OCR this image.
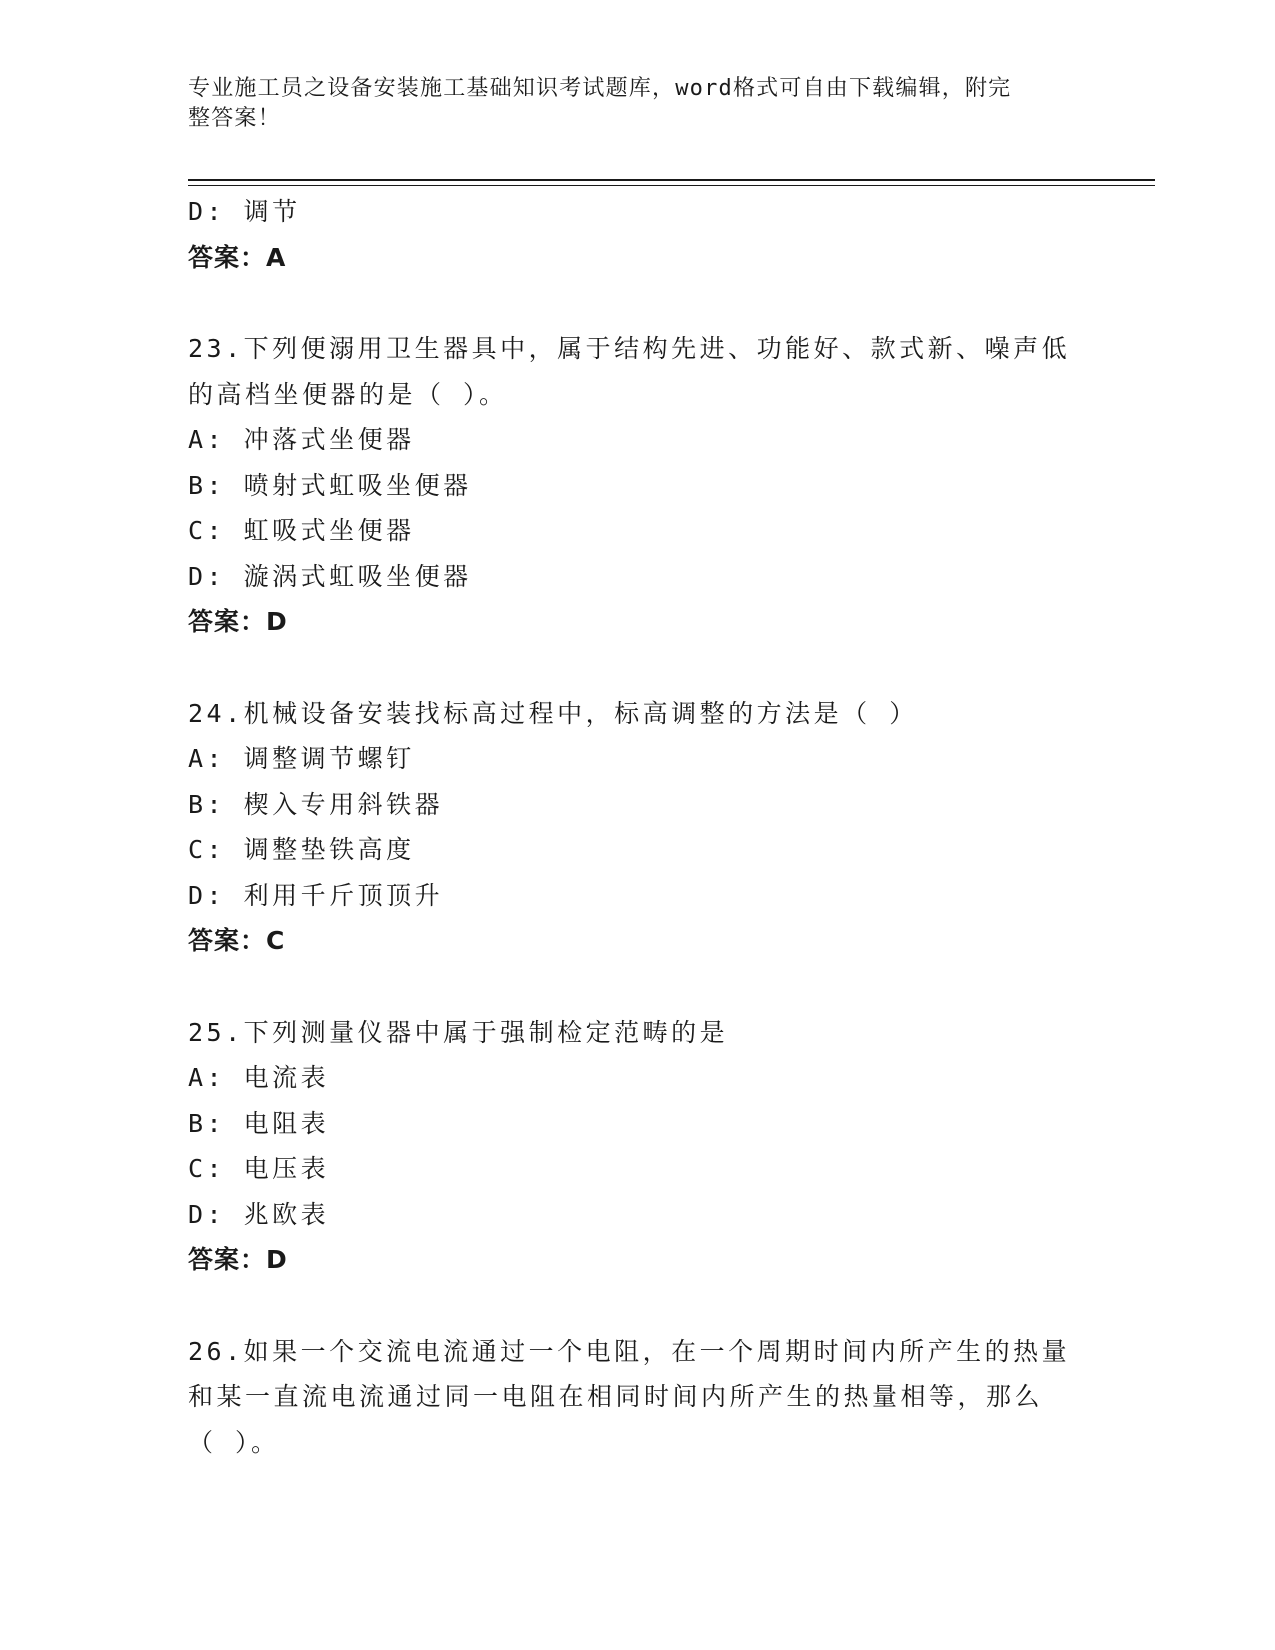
专业施工员之设备安装施工基础知识考试题库，word格式可自由下载编辑，附完
整答案！
D: 调节
答案：A
23.下列便溺用卫生器具中，属于结构先进、功能好、款式新、噪声低
的高档坐便器的是（ ）。
A: 冲落式坐便器
B: 喷射式虹吸坐便器
C: 虹吸式坐便器
D: 漩涡式虹吸坐便器
答案：D
24.机械设备安装找标高过程中，标高调整的方法是（ ）
A: 调整调节螺钉
B: 楔入专用斜铁器
C: 调整垫铁高度
D: 利用千斤顶顶升
答案：C
25.下列测量仪器中属于强制检定范畴的是
A: 电流表
B: 电阻表
C: 电压表
D: 兆欧表
答案：D
26.如果一个交流电流通过一个电阻，在一个周期时间内所产生的热量
和某一直流电流通过同一电阻在相同时间内所产生的热量相等，那么
（ ）。
